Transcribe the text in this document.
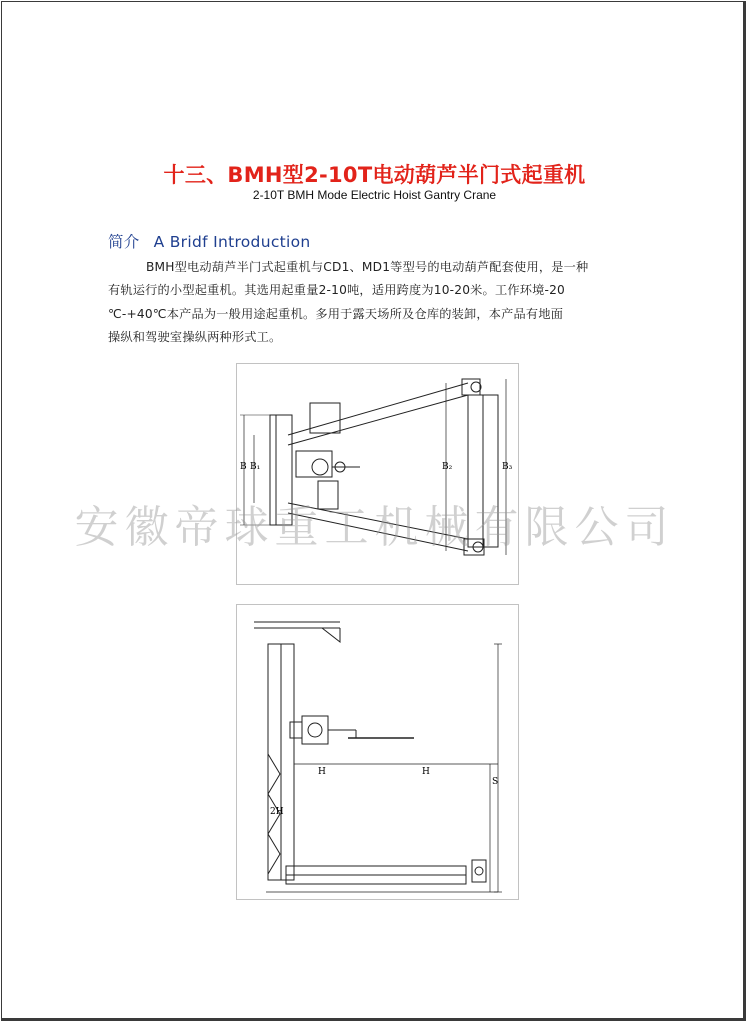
十三、BMH型2-10T电动葫芦半门式起重机
2-10T BMH Mode Electric Hoist Gantry Crane
简介 A Bridf Introduction
BMH型电动葫芦半门式起重机与CD1、MD1等型号的电动葫芦配套使用，是一种
有轨运行的小型起重机。其选用起重量2-10吨，适用跨度为10-20米。工作环境-20
℃-+40℃本产品为一般用途起重机。多用于露天场所及仓库的装卸，本产品有地面
操纵和驾驶室操纵两种形式工。
B B₁	B₂	B₃
安徽帝球重工机械有限公司
H	H
2H
S
